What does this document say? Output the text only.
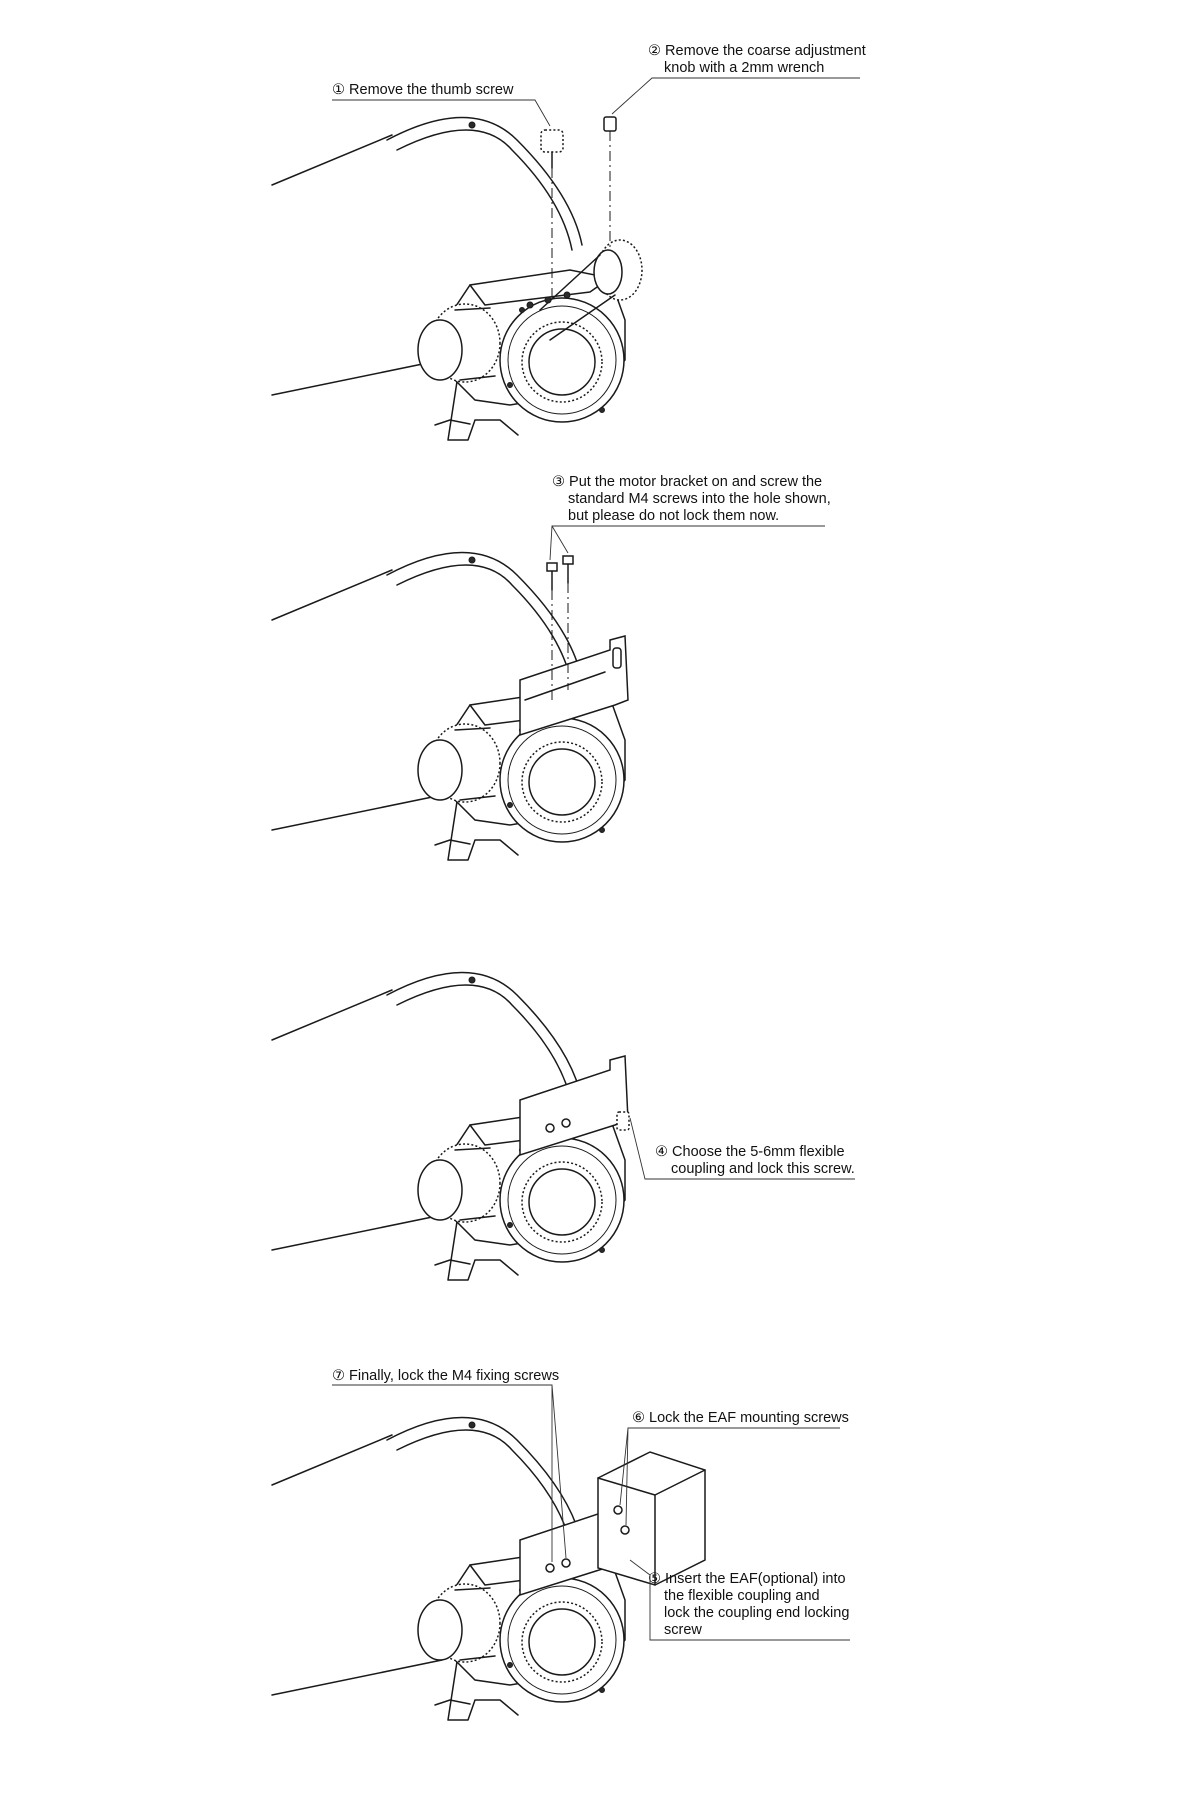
① Remove the thumb screw
② Remove the coarse adjustment
knob with a 2mm wrench
③ Put the motor bracket on and screw the
standard M4 screws into the hole shown,
but please do not lock them now.
④ Choose the 5-6mm flexible
coupling and lock this screw.
⑤ Insert the EAF(optional) into
the flexible coupling and
lock the coupling end locking
screw
⑥ Lock the EAF mounting screws
⑦ Finally, lock the M4 fixing screws
